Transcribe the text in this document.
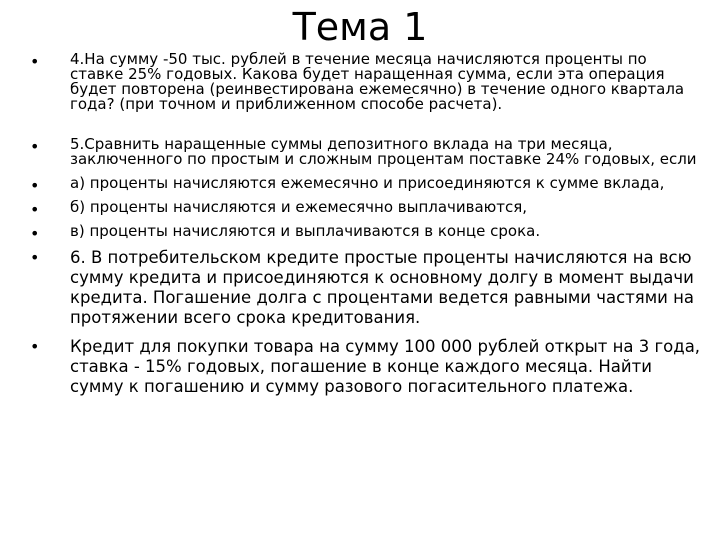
Тема 1
• 4.На сумму -50 тыс. рублей в течение месяца начисляются проценты по ставке 25% годовых. Какова будет наращенная сумма, если эта операция будет повторена (реинвестирована ежемесячно) в течение одного квартала года? (при точном и приближенном способе расчета).
• 5.Сравнить наращенные суммы депозитного вклада на три месяца, заключенного по простым и сложным процентам поставке 24% годовых, если
• а) проценты начисляются ежемесячно и присоединяются к сумме вклада,
• б) проценты начисляются и ежемесячно выплачиваются,
• в) проценты начисляются и выплачиваются в конце срока.
• 6. В потребительском кредите простые проценты начисляются на всю сумму кредита и присоединяются к основному долгу в момент выдачи кредита. Погашение долга с процентами ведется равными частями на протяжении всего срока кредитования.
• Кредит для покупки товара на сумму 100 000 рублей открыт на 3 года, ставка - 15% годовых, погашение в конце каждого месяца. Найти сумму к погашению и сумму разового погасительного платежа.
